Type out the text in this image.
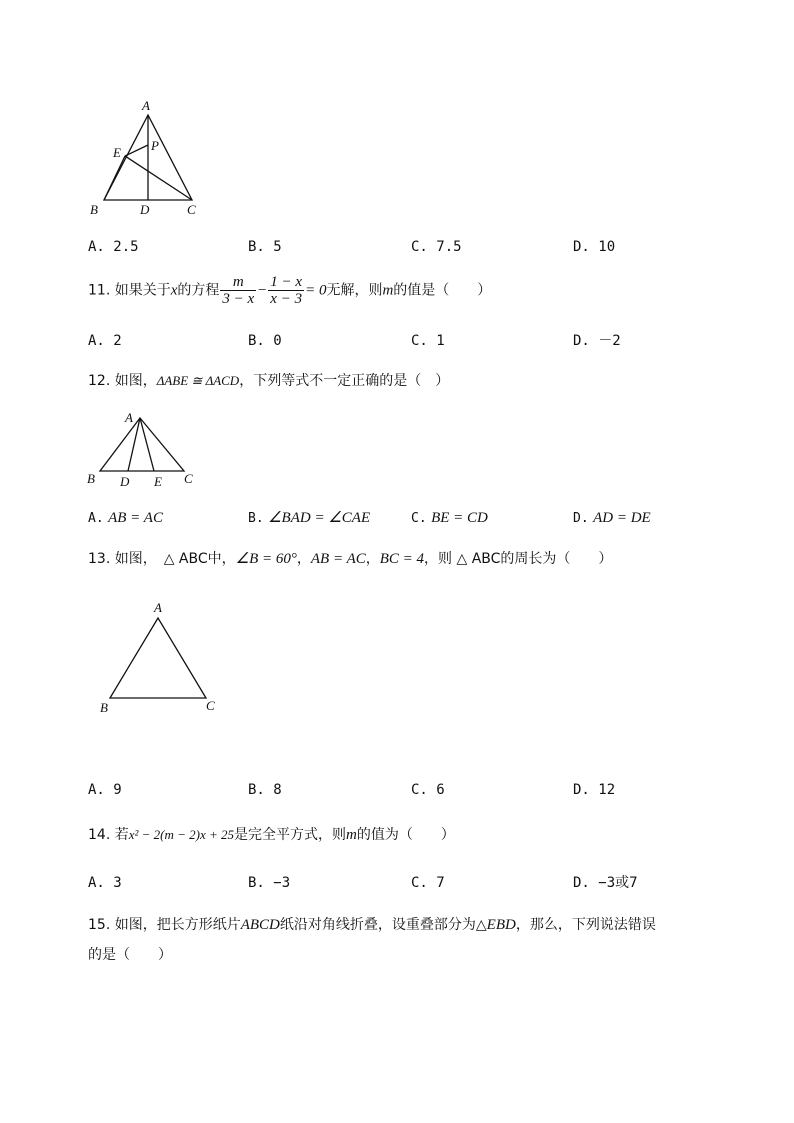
A
E P
B	D	C
A. 2.5	B. 5	C. 7.5	D. 10
11. 如果关于x的方程 $\frac{m}{3 - x} - \frac{1 - x}{x - 3} = 0$无解，则m的值是（　　）
A. 2	B. 0	C. 1	D. －2
12. 如图，ΔABE ≅ ΔACD，下列等式不一定正确的是（　）
A
B D E C
A. AB = AC	B. ∠BAD = ∠CAE	C. BE = CD	D. AD = DE
13. 如图，　△ ABC中，∠B = 60°，AB = AC，BC = 4，则 △ ABC的周长为（　　）
A
B	C
A. 9	B. 8	C. 6	D. 12
14. 若x² − 2(m − 2)x + 25是完全平方式，则m的值为（　　）
A. 3	B. −3	C. 7	D. −3或7
15. 如图，把长方形纸片ABCD纸沿对角线折叠，设重叠部分为△EBD，那么，下列说法错误
的是（　　）
